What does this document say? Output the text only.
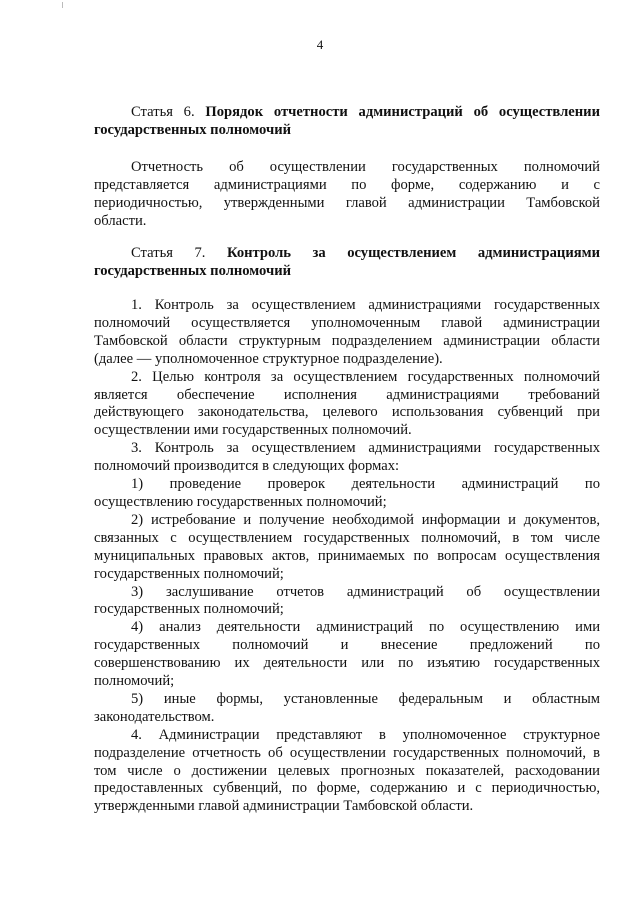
4
Статья 6. Порядок отчетности администраций об осуществлении
государственных полномочий
Отчетность об осуществлении государственных полномочий
представляется администрациями по форме, содержанию и с
периодичностью, утвержденными главой администрации Тамбовской
области.
Статья 7. Контроль за осуществлением администрациями
государственных полномочий
1. Контроль за осуществлением администрациями государственных
полномочий осуществляется уполномоченным главой администрации
Тамбовской области структурным подразделением администрации области
(далее — уполномоченное структурное подразделение).
2. Целью контроля за осуществлением государственных полномочий
является обеспечение исполнения администрациями требований
действующего законодательства, целевого использования субвенций при
осуществлении ими государственных полномочий.
3. Контроль за осуществлением администрациями государственных
полномочий производится в следующих формах:
1) проведение проверок деятельности администраций по
осуществлению государственных полномочий;
2) истребование и получение необходимой информации и документов,
связанных с осуществлением государственных полномочий, в том числе
муниципальных правовых актов, принимаемых по вопросам осуществления
государственных полномочий;
3) заслушивание отчетов администраций об осуществлении
государственных полномочий;
4) анализ деятельности администраций по осуществлению ими
государственных полномочий и внесение предложений по
совершенствованию их деятельности или по изъятию государственных
полномочий;
5) иные формы, установленные федеральным и областным
законодательством.
4. Администрации представляют в уполномоченное структурное
подразделение отчетность об осуществлении государственных полномочий, в
том числе о достижении целевых прогнозных показателей, расходовании
предоставленных субвенций, по форме, содержанию и с периодичностью,
утвержденными главой администрации Тамбовской области.
